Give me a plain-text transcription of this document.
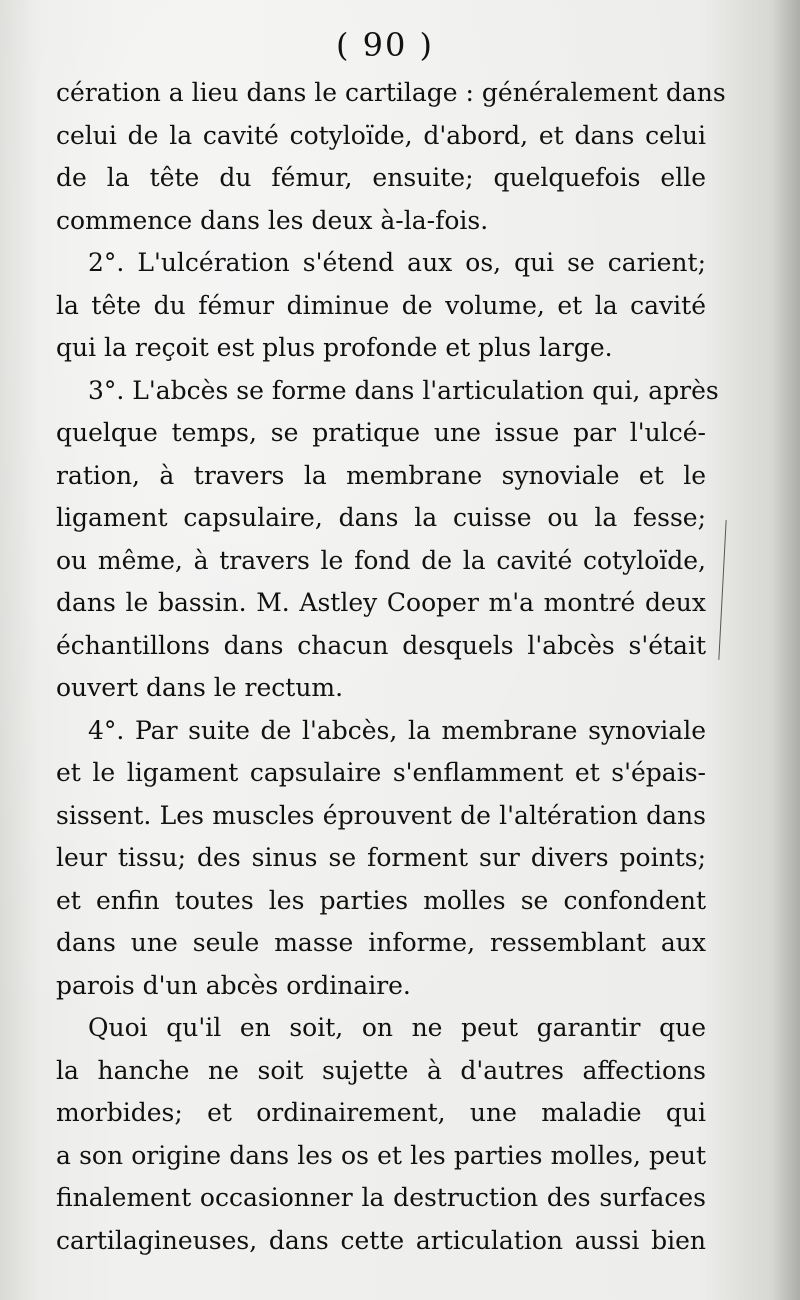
( 90 )
cération a lieu dans le cartilage : généralement dans
celui de la cavité cotyloïde, d'abord, et dans celui
de la tête du fémur, ensuite; quelquefois elle
commence dans les deux à-la-fois.
2°. L'ulcération s'étend aux os, qui se carient;
la tête du fémur diminue de volume, et la cavité
qui la reçoit est plus profonde et plus large.
3°. L'abcès se forme dans l'articulation qui, après
quelque temps, se pratique une issue par l'ulcé-
ration, à travers la membrane synoviale et le
ligament capsulaire, dans la cuisse ou la fesse;
ou même, à travers le fond de la cavité cotyloïde,
dans le bassin. M. Astley Cooper m'a montré deux
échantillons dans chacun desquels l'abcès s'était
ouvert dans le rectum.
4°. Par suite de l'abcès, la membrane synoviale
et le ligament capsulaire s'enflamment et s'épais-
sissent. Les muscles éprouvent de l'altération dans
leur tissu; des sinus se forment sur divers points;
et enfin toutes les parties molles se confondent
dans une seule masse informe, ressemblant aux
parois d'un abcès ordinaire.
Quoi qu'il en soit, on ne peut garantir que
la hanche ne soit sujette à d'autres affections
morbides; et ordinairement, une maladie qui
a son origine dans les os et les parties molles, peut
finalement occasionner la destruction des surfaces
cartilagineuses, dans cette articulation aussi bien
